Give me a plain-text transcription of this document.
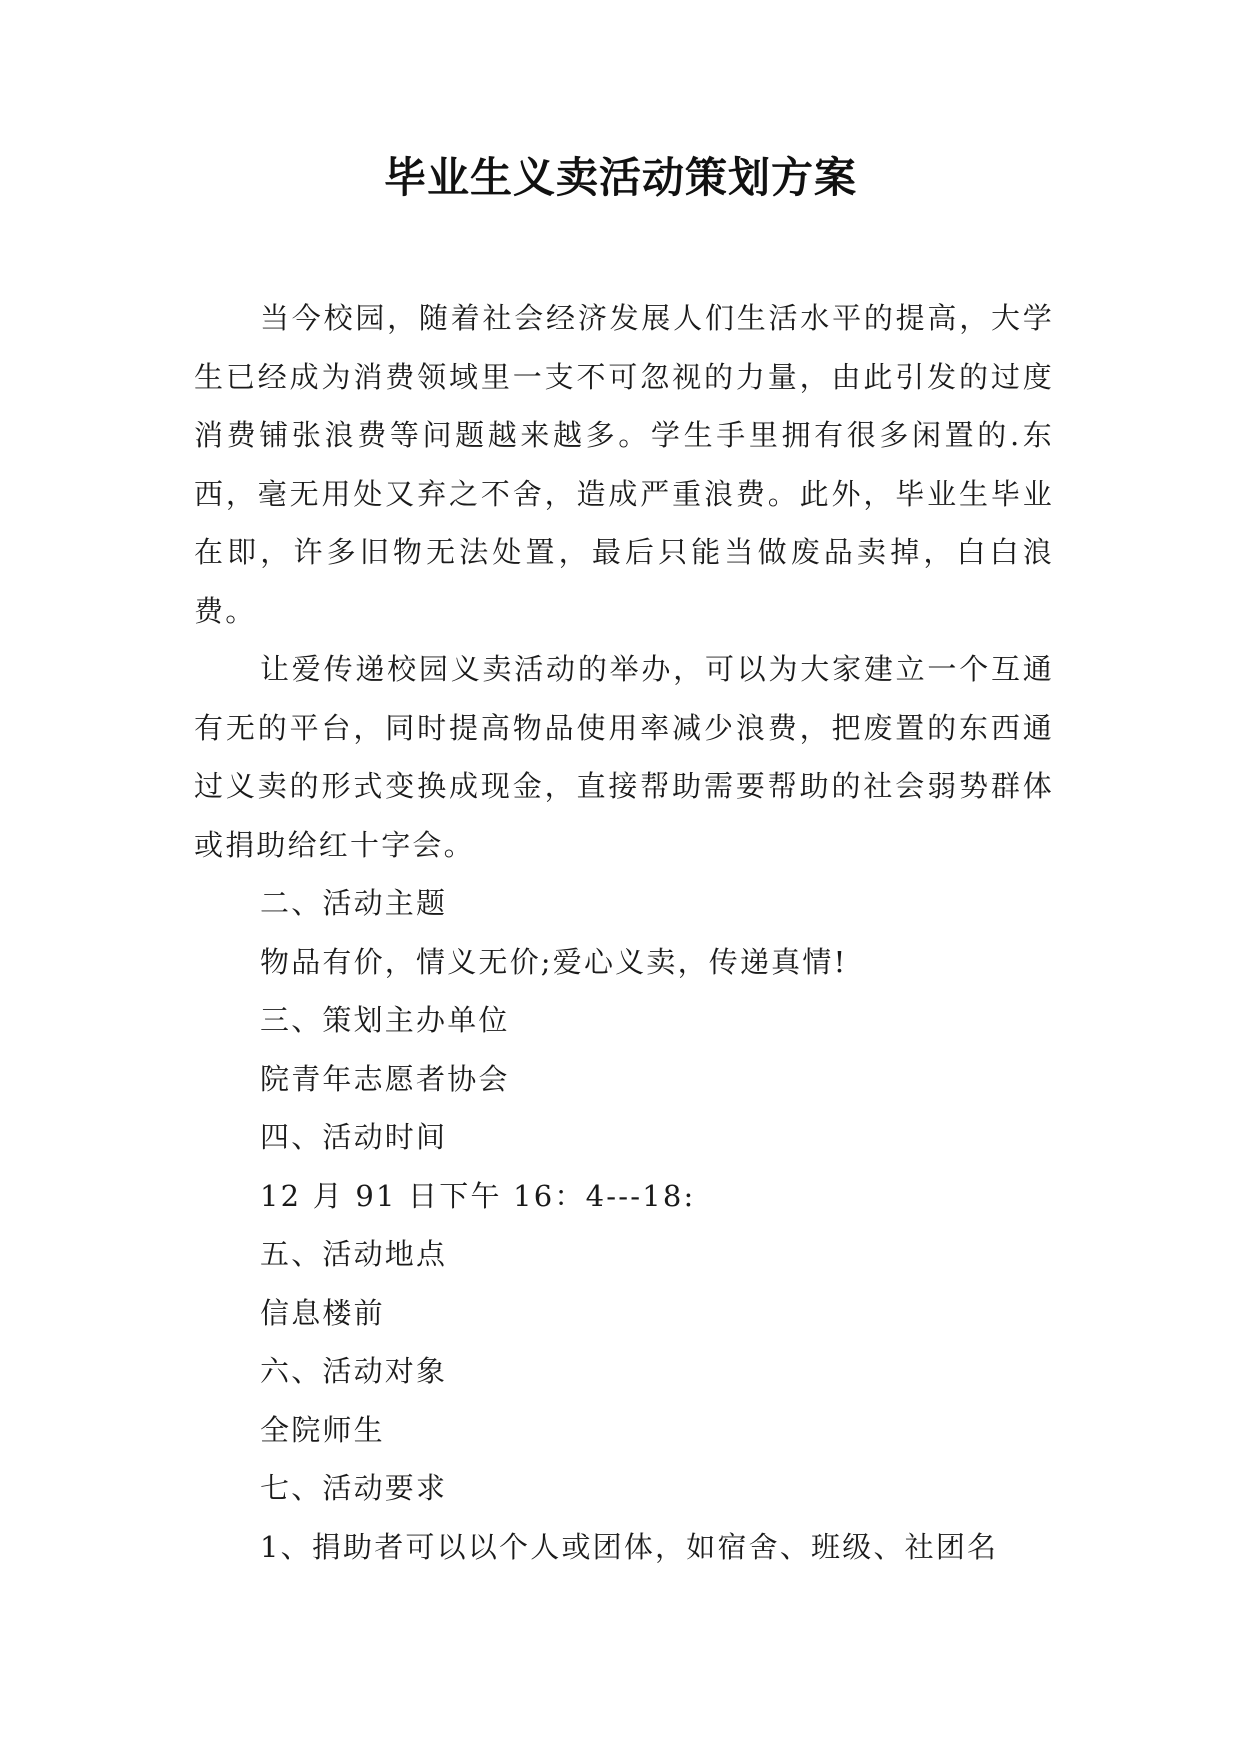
毕业生义卖活动策划方案

当今校园，随着社会经济发展人们生活水平的提高，大学生已经成为消费领域里一支不可忽视的力量，由此引发的过度消费铺张浪费等问题越来越多。学生手里拥有很多闲置的.东西，毫无用处又弃之不舍，造成严重浪费。此外，毕业生毕业在即，许多旧物无法处置，最后只能当做废品卖掉，白白浪费。

让爱传递校园义卖活动的举办，可以为大家建立一个互通有无的平台，同时提高物品使用率减少浪费，把废置的东西通过义卖的形式变换成现金，直接帮助需要帮助的社会弱势群体或捐助给红十字会。

二、活动主题

物品有价，情义无价;爱心义卖，传递真情!

三、策划主办单位

院青年志愿者协会

四、活动时间

12 月 91 日下午 16：4---18:

五、活动地点

信息楼前

六、活动对象

全院师生

七、活动要求

1、捐助者可以以个人或团体，如宿舍、班级、社团名
